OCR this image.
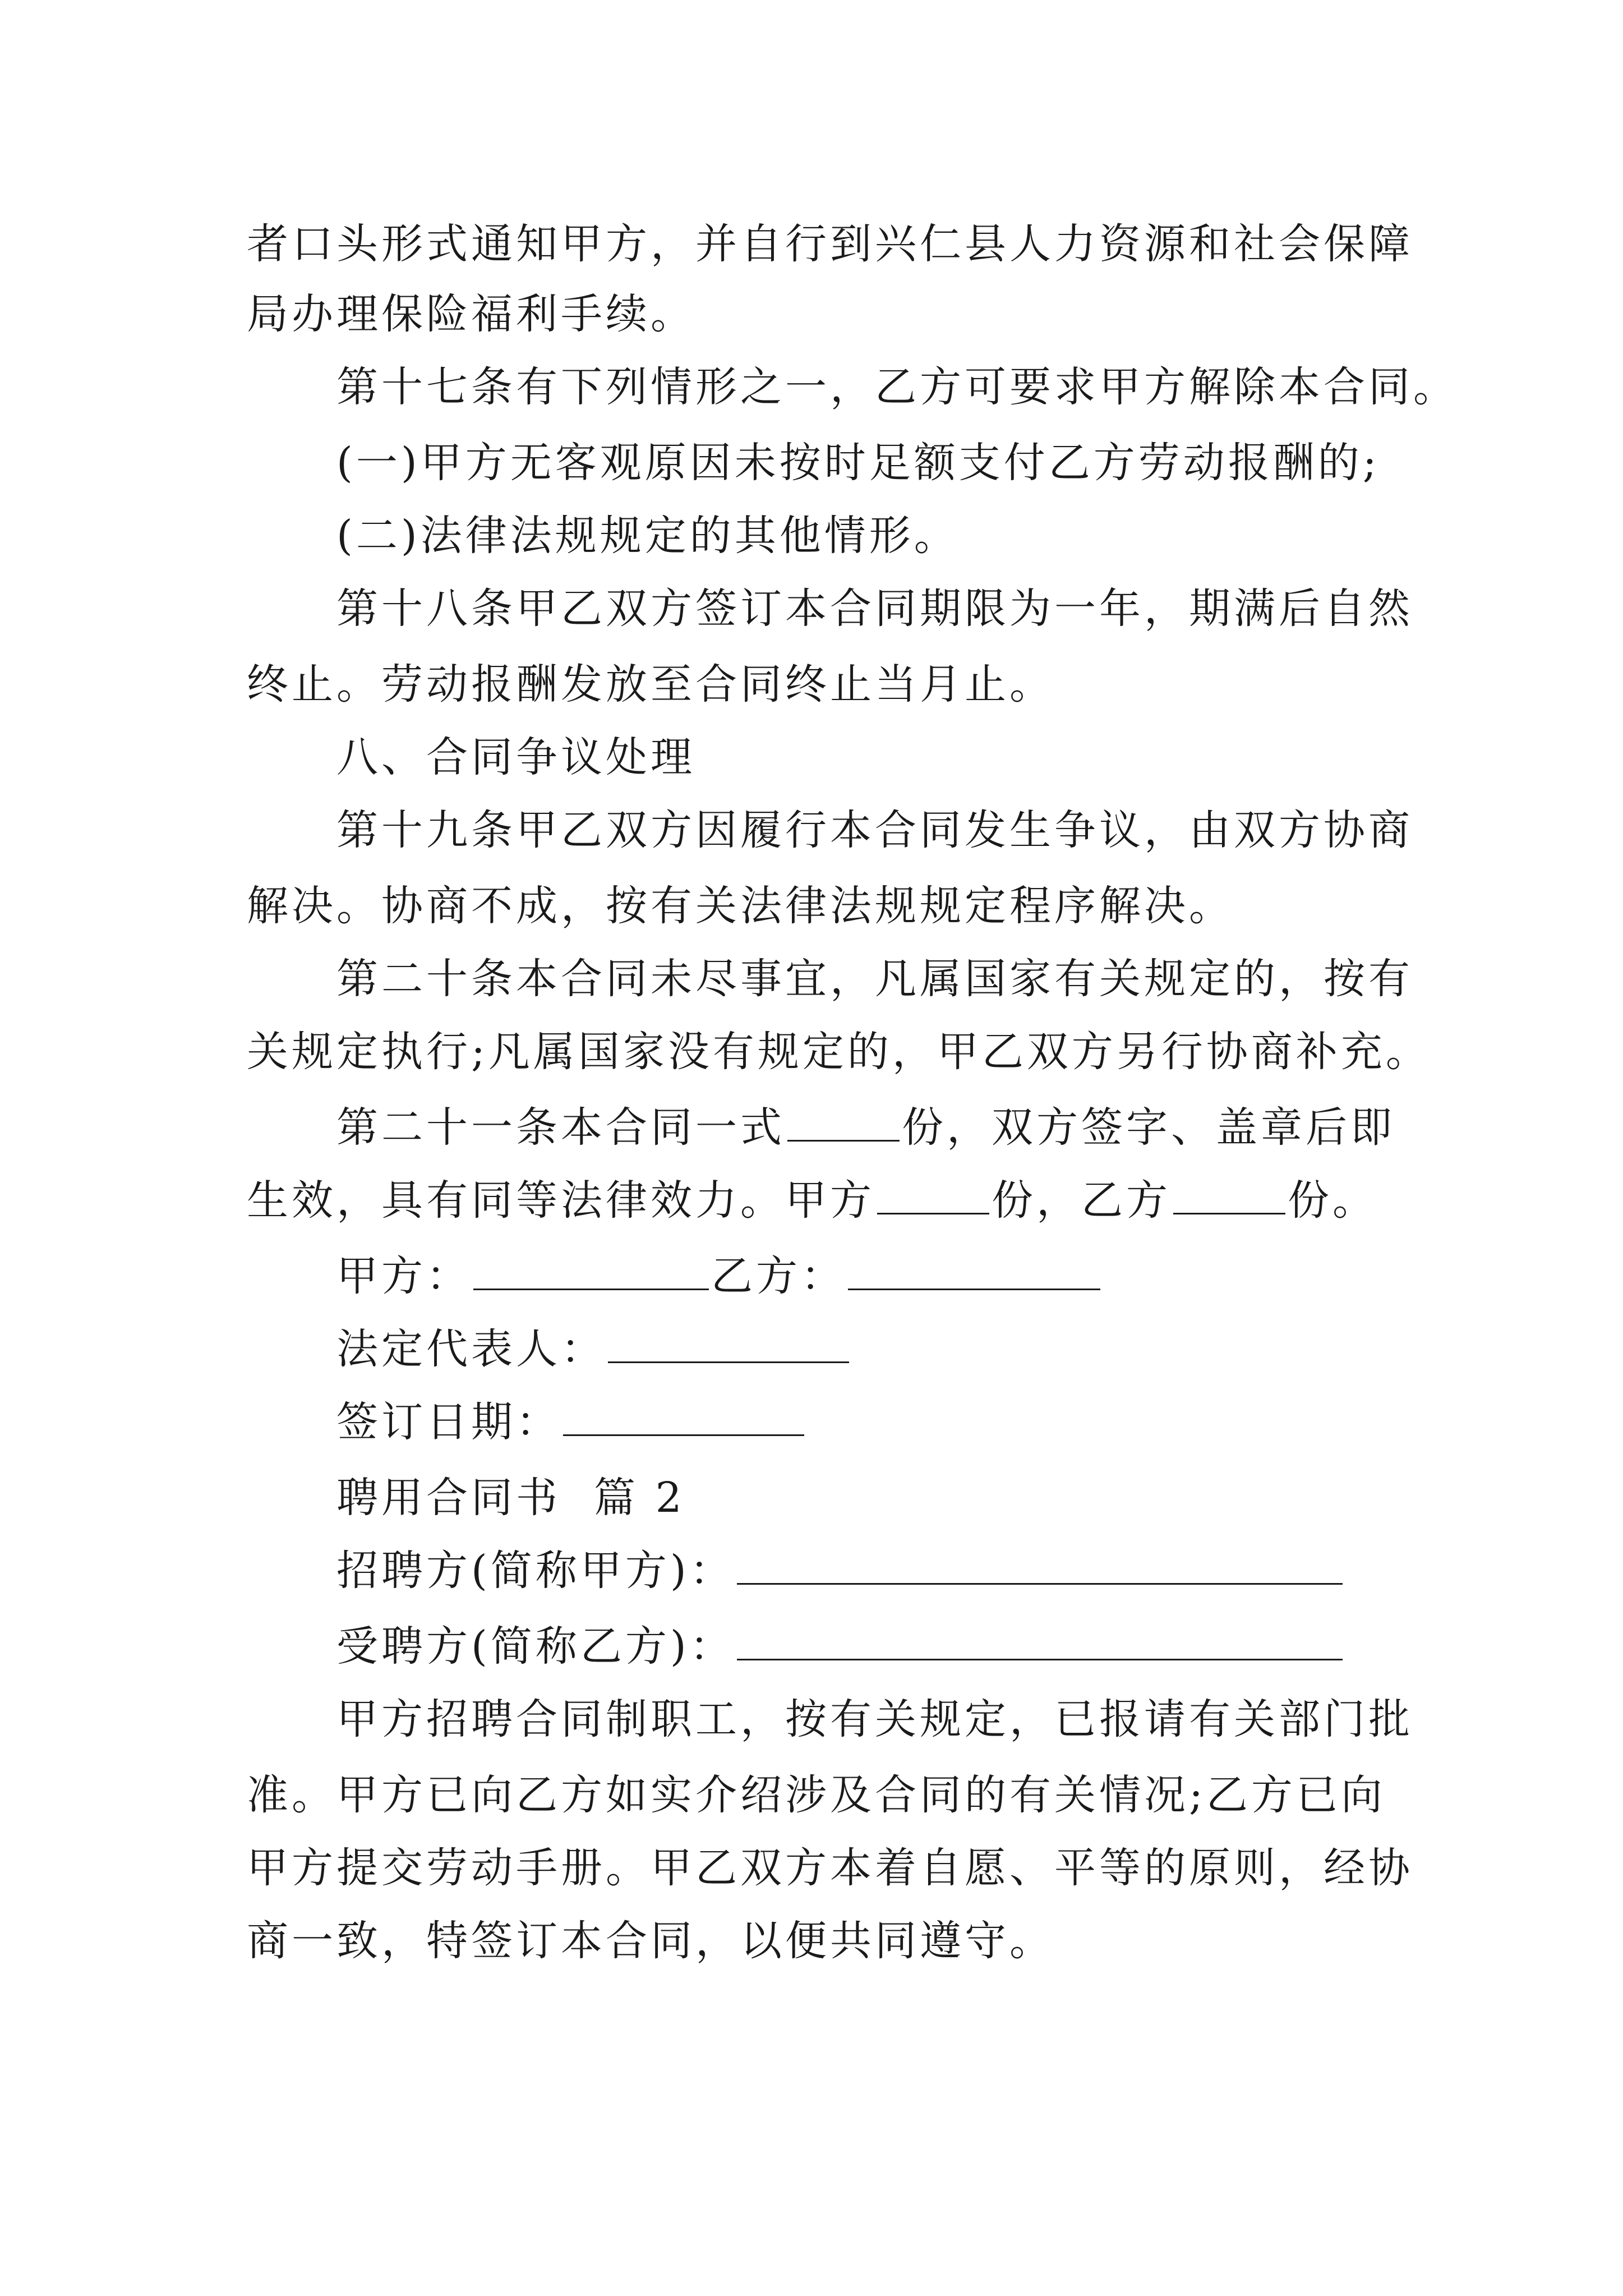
者口头形式通知甲方，并自行到兴仁县人力资源和社会保障
局办理保险福利手续。
第十七条有下列情形之一，乙方可要求甲方解除本合同。
(一)甲方无客观原因未按时足额支付乙方劳动报酬的;
(二)法律法规规定的其他情形。
第十八条甲乙双方签订本合同期限为一年，期满后自然
终止。劳动报酬发放至合同终止当月止。
八、合同争议处理
第十九条甲乙双方因履行本合同发生争议，由双方协商
解决。协商不成，按有关法律法规规定程序解决。
第二十条本合同未尽事宜，凡属国家有关规定的，按有
关规定执行;凡属国家没有规定的，甲乙双方另行协商补充。
第二十一条本合同一式	份，双方签字、盖章后即
生效，具有同等法律效力。甲方	份，乙方	份。
甲方：	乙方：
法定代表人：
签订日期：
聘用合同书  篇 2
招聘方(简称甲方)：
受聘方(简称乙方)：
甲方招聘合同制职工，按有关规定，已报请有关部门批
准。甲方已向乙方如实介绍涉及合同的有关情况;乙方已向
甲方提交劳动手册。甲乙双方本着自愿、平等的原则，经协
商一致，特签订本合同，以便共同遵守。
